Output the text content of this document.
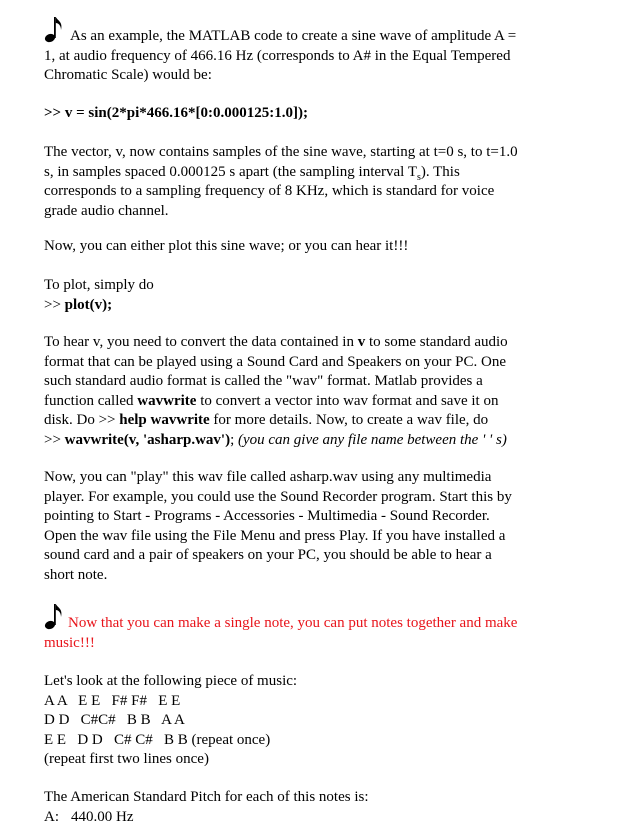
As an example, the MATLAB code to create a sine wave of amplitude A =
1, at audio frequency of 466.16 Hz (corresponds to A# in the Equal Tempered
Chromatic Scale) would be:
>> v = sin(2*pi*466.16*[0:0.000125:1.0]);
The vector, v, now contains samples of the sine wave, starting at t=0 s, to t=1.0
s, in samples spaced 0.000125 s apart (the sampling interval $T_s$). This
corresponds to a sampling frequency of 8 KHz, which is standard for voice
grade audio channel.
Now, you can either plot this sine wave; or you can hear it!!!
To plot, simply do
>> plot(v);
To hear v, you need to convert the data contained in v to some standard audio
format that can be played using a Sound Card and Speakers on your PC. One
such standard audio format is called the "wav" format. Matlab provides a
function called wavwrite to convert a vector into wav format and save it on
disk. Do >> help wavwrite for more details. Now, to create a wav file, do
>> wavwrite(v, 'asharp.wav'); (you can give any file name between the ' ' s)
Now, you can "play" this wav file called asharp.wav using any multimedia
player. For example, you could use the Sound Recorder program. Start this by
pointing to Start - Programs - Accessories - Multimedia - Sound Recorder.
Open the wav file using the File Menu and press Play. If you have installed a
sound card and a pair of speakers on your PC, you should be able to hear a
short note.
Now that you can make a single note, you can put notes together and make
music!!!
Let's look at the following piece of music:
A A   E E   F# F#   E E
D D   C#C#   B B   A A
E E   D D   C# C#   B B (repeat once)
(repeat first two lines once)
The American Standard Pitch for each of this notes is:
A: 440.00 Hz
